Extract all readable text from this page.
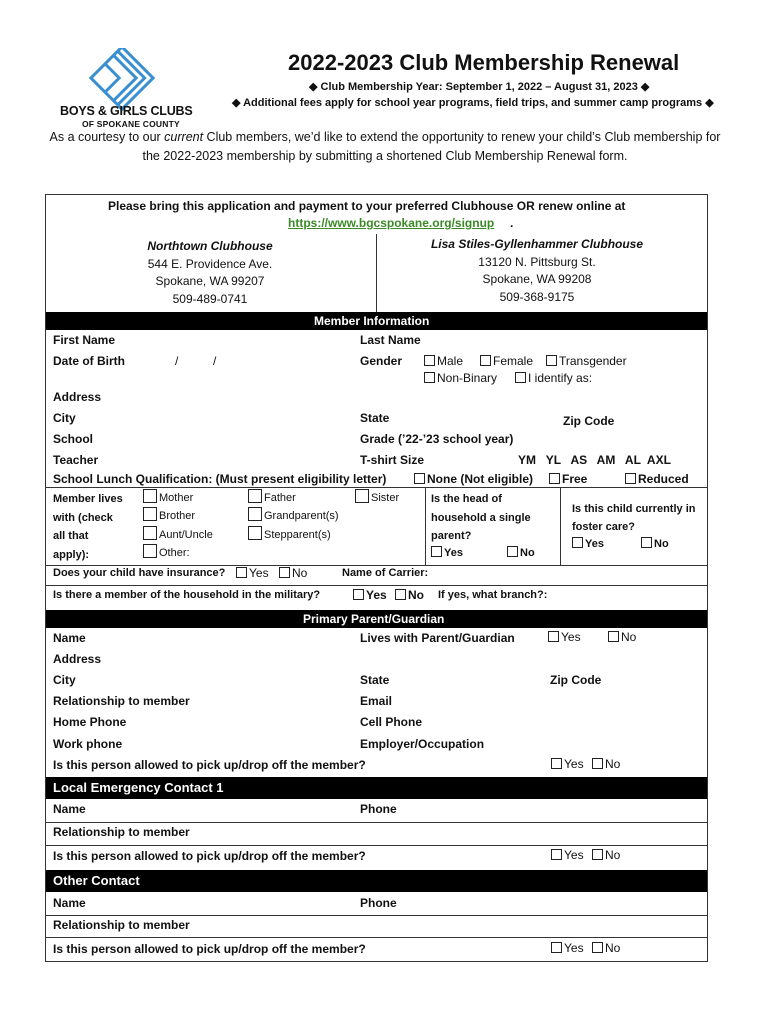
BOYS & GIRLS CLUBS
OF SPOKANE COUNTY
2022-2023 Club Membership Renewal
◆ Club Membership Year: September 1, 2022 – August 31, 2023 ◆
◆ Additional fees apply for school year programs, field trips, and summer camp programs ◆
As a courtesy to our current Club members, we’d like to extend the opportunity to renew your child’s Club membership for the 2022-2023 membership by submitting a shortened Club Membership Renewal form.
Please bring this application and payment to your preferred Clubhouse OR renew online at
https://www.bgcspokane.org/signup .
Northtown Clubhouse
544 E. Providence Ave.
Spokane, WA 99207
509-489-0741
Lisa Stiles-Gyllenhammer Clubhouse
13120 N. Pittsburg St.
Spokane, WA 99208
509-368-9175
Member Information
First Name	Last Name
Date of Birth	/	/	Gender	Male	Female	Transgender
Non-Binary	I identify as:
Address
City	State	Zip Code
School	Grade (’22-’23 school year)
Teacher	T-shirt Size	YM   YL   AS   AM   AL  AXL
School Lunch Qualification: (Must present eligibility letter)	None (Not eligible)	Free	Reduced
Member lives
with (check
all that
apply):
Mother	Father	Sister
Brother	Grandparent(s)
Aunt/Uncle	Stepparent(s)
Other:
Is the head of
household a single
parent?
Yes	No
Is this child currently in
foster care?
Yes	No
Does your child have insurance?	Yes	No	Name of Carrier:
Is there a member of the household in the military?	Yes	No If yes, what branch?:
Primary Parent/Guardian
Name	Lives with Parent/Guardian	Yes	No
Address
City	State	Zip Code
Relationship to member	Email
Home Phone	Cell Phone
Work phone	Employer/Occupation
Is this person allowed to pick up/drop off the member?	Yes	No
Local Emergency Contact 1
Name	Phone
Relationship to member
Is this person allowed to pick up/drop off the member?	Yes	No
Other Contact
Name	Phone
Relationship to member
Is this person allowed to pick up/drop off the member?	Yes	No
